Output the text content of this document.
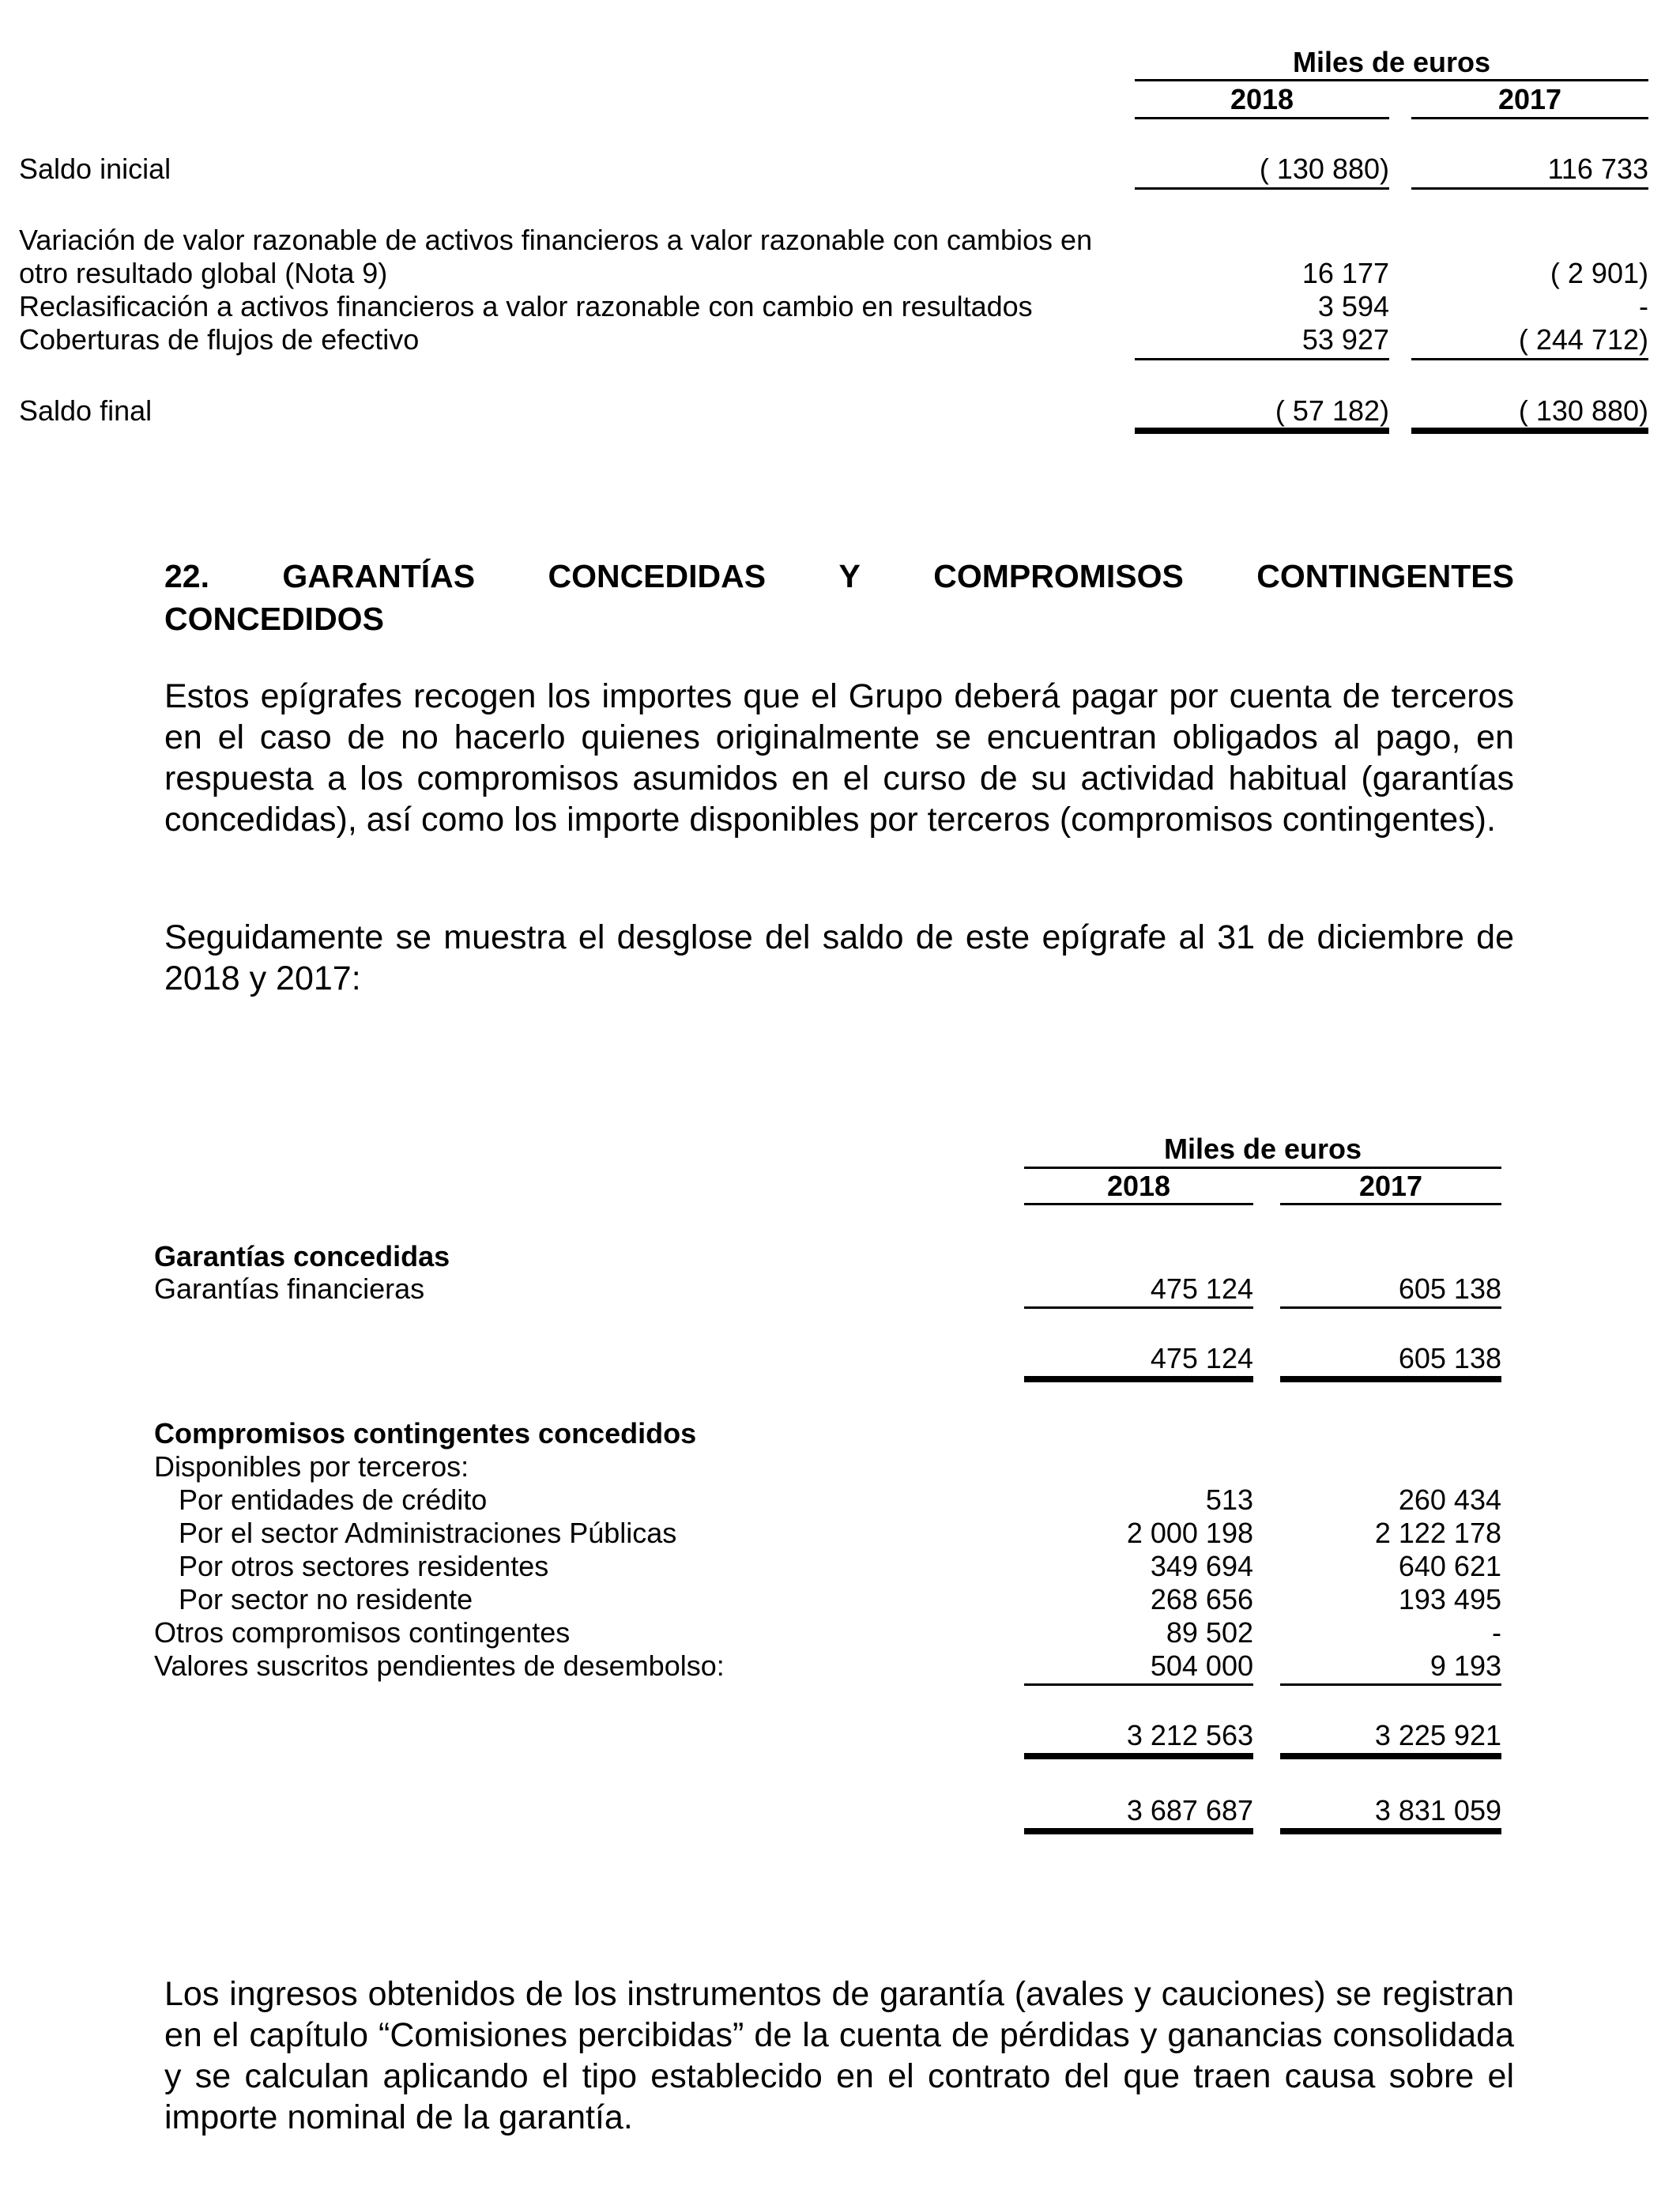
Miles de euros
2018	2017
Saldo inicial	( 130 880)	116 733
Variación de valor razonable de activos financieros a valor razonable con cambios en
otro resultado global (Nota 9)	16 177	( 2 901)
Reclasificación a activos financieros a valor razonable con cambio en resultados	3 594	-
Coberturas de flujos de efectivo	53 927	( 244 712)
Saldo final	( 57 182)	( 130 880)
22. GARANTÍAS CONCEDIDAS Y COMPROMISOS CONTINGENTES
CONCEDIDOS
Estos epígrafes recogen los importes que el Grupo deberá pagar por cuenta de terceros en el caso de no hacerlo quienes originalmente se encuentran obligados al pago, en respuesta a los compromisos asumidos en el curso de su actividad habitual (garantías concedidas), así como los importe disponibles por terceros (compromisos contingentes).
Seguidamente se muestra el desglose del saldo de este epígrafe al 31 de diciembre de 2018 y 2017:
Miles de euros
2018	2017
Garantías concedidas
Garantías financieras	475 124	605 138
475 124	605 138
Compromisos contingentes concedidos
Disponibles por terceros:
Por entidades de crédito	513	260 434
Por el sector Administraciones Públicas	2 000 198	2 122 178
Por otros sectores residentes	349 694	640 621
Por sector no residente	268 656	193 495
Otros compromisos contingentes	89 502	-
Valores suscritos pendientes de desembolso:	504 000	9 193
3 212 563	3 225 921
3 687 687	3 831 059
Los ingresos obtenidos de los instrumentos de garantía (avales y cauciones) se registran en el capítulo “Comisiones percibidas” de la cuenta de pérdidas y ganancias consolidada y se calculan aplicando el tipo establecido en el contrato del que traen causa sobre el importe nominal de la garantía.
